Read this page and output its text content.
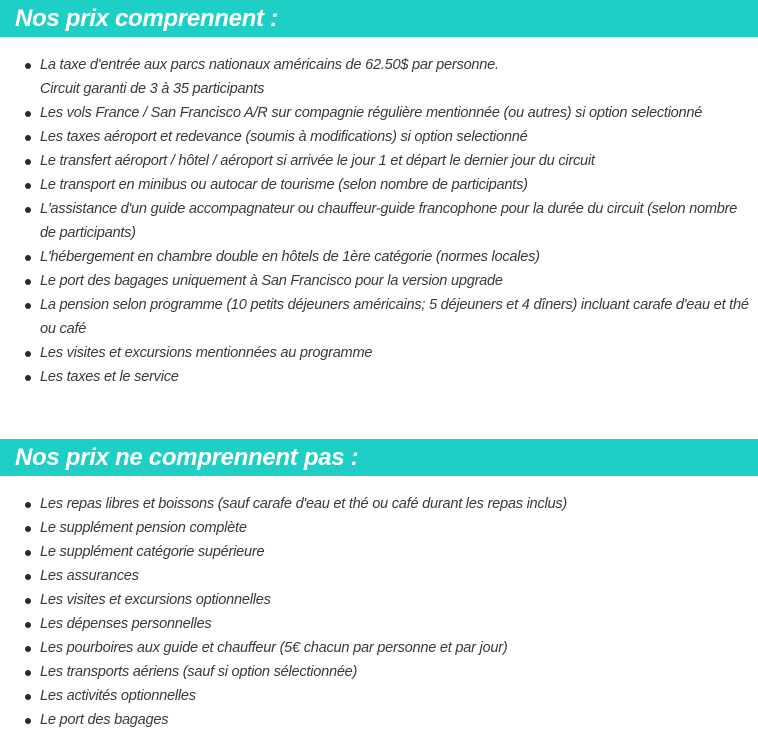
Nos prix comprennent :
La taxe d'entrée aux parcs nationaux américains de 62.50$ par personne.
Circuit garanti de 3 à 35 participants
Les vols France / San Francisco A/R sur compagnie régulière mentionnée (ou autres) si option selectionné
Les taxes aéroport et redevance (soumis à modifications) si option selectionné
Le transfert aéroport / hôtel / aéroport si arrivée le jour 1 et départ le dernier jour du circuit
Le transport en minibus ou autocar de tourisme (selon nombre de participants)
L'assistance d'un guide accompagnateur ou chauffeur-guide francophone pour la durée du circuit (selon nombre
de participants)
L'hébergement en chambre double en hôtels de 1ère catégorie (normes locales)
Le port des bagages uniquement à San Francisco pour la version upgrade
La pension selon programme (10 petits déjeuners américains; 5 déjeuners et 4 dîners) incluant carafe d'eau et thé
ou café
Les visites et excursions mentionnées au programme
Les taxes et le service
Nos prix ne comprennent pas :
Les repas libres et boissons (sauf carafe d'eau et thé ou café durant les repas inclus)
Le supplément pension complète
Le supplément catégorie supérieure
Les assurances
Les visites et excursions optionnelles
Les dépenses personnelles
Les pourboires aux guide et chauffeur (5€ chacun par personne et par jour)
Les transports aériens (sauf si option sélectionnée)
Les activités optionnelles
Le port des bagages
